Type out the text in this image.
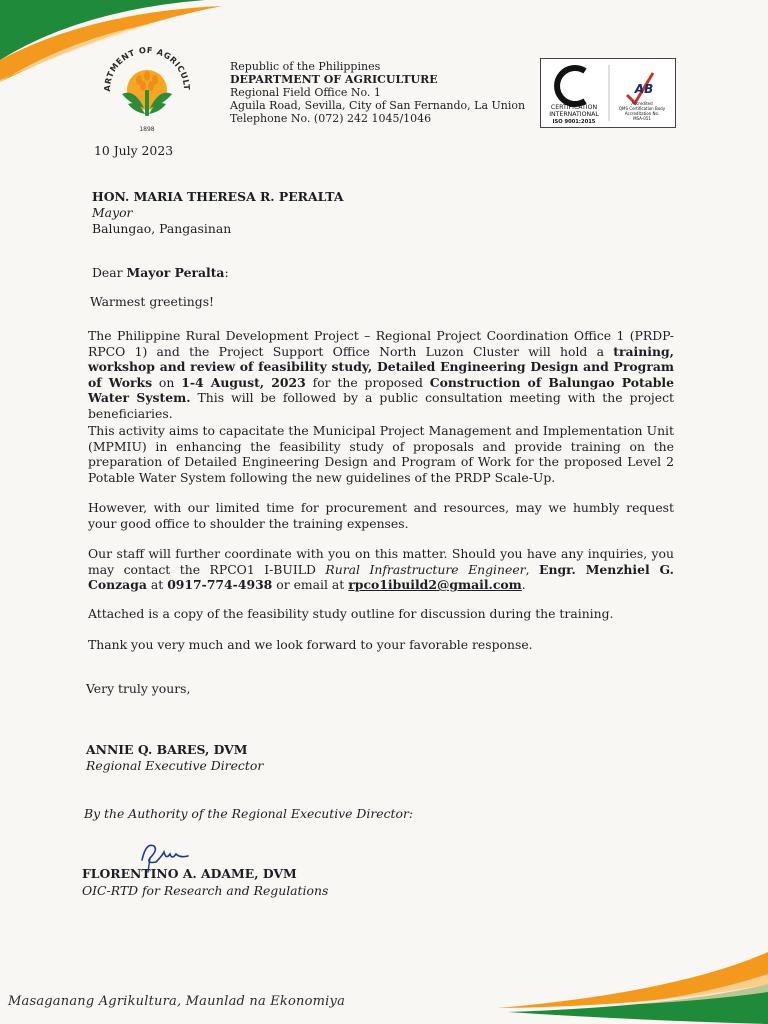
ARTMENT OF AGRICULT
1898
Republic of the Philippines
DEPARTMENT OF AGRICULTURE
Regional Field Office No. 1
Aguila Road, Sevilla, City of San Fernando, La Union
Telephone No. (072) 242 1045/1046
CERTIFICATION
INTERNATIONAL
ISO 9001:2015
AB
Accredited
QMS Certification Body
Accreditation No.
MSA-051
10 July 2023
HON. MARIA THERESA R. PERALTA
Mayor
Balungao, Pangasinan
Dear Mayor Peralta:
Warmest greetings!
The Philippine Rural Development Project – Regional Project Coordination Office 1 (PRDP-RPCO 1) and the Project Support Office North Luzon Cluster will hold a training, workshop and review of feasibility study, Detailed Engineering Design and Program of Works on 1-4 August, 2023 for the proposed Construction of Balungao Potable Water System. This will be followed by a public consultation meeting with the project beneficiaries.
This activity aims to capacitate the Municipal Project Management and Implementation Unit (MPMIU) in enhancing the feasibility study of proposals and provide training on the preparation of Detailed Engineering Design and Program of Work for the proposed Level 2 Potable Water System following the new guidelines of the PRDP Scale-Up.
However, with our limited time for procurement and resources, may we humbly request your good office to shoulder the training expenses.
Our staff will further coordinate with you on this matter. Should you have any inquiries, you may contact the RPCO1 I-BUILD Rural Infrastructure Engineer, Engr. Menzhiel G. Conzaga at 0917-774-4938 or email at rpco1ibuild2@gmail.com.
Attached is a copy of the feasibility study outline for discussion during the training.
Thank you very much and we look forward to your favorable response.
Very truly yours,
ANNIE Q. BARES, DVM
Regional Executive Director
By the Authority of the Regional Executive Director:
FLORENTINO A. ADAME, DVM
OIC-RTD for Research and Regulations
Masaganang Agrikultura, Maunlad na Ekonomiya
